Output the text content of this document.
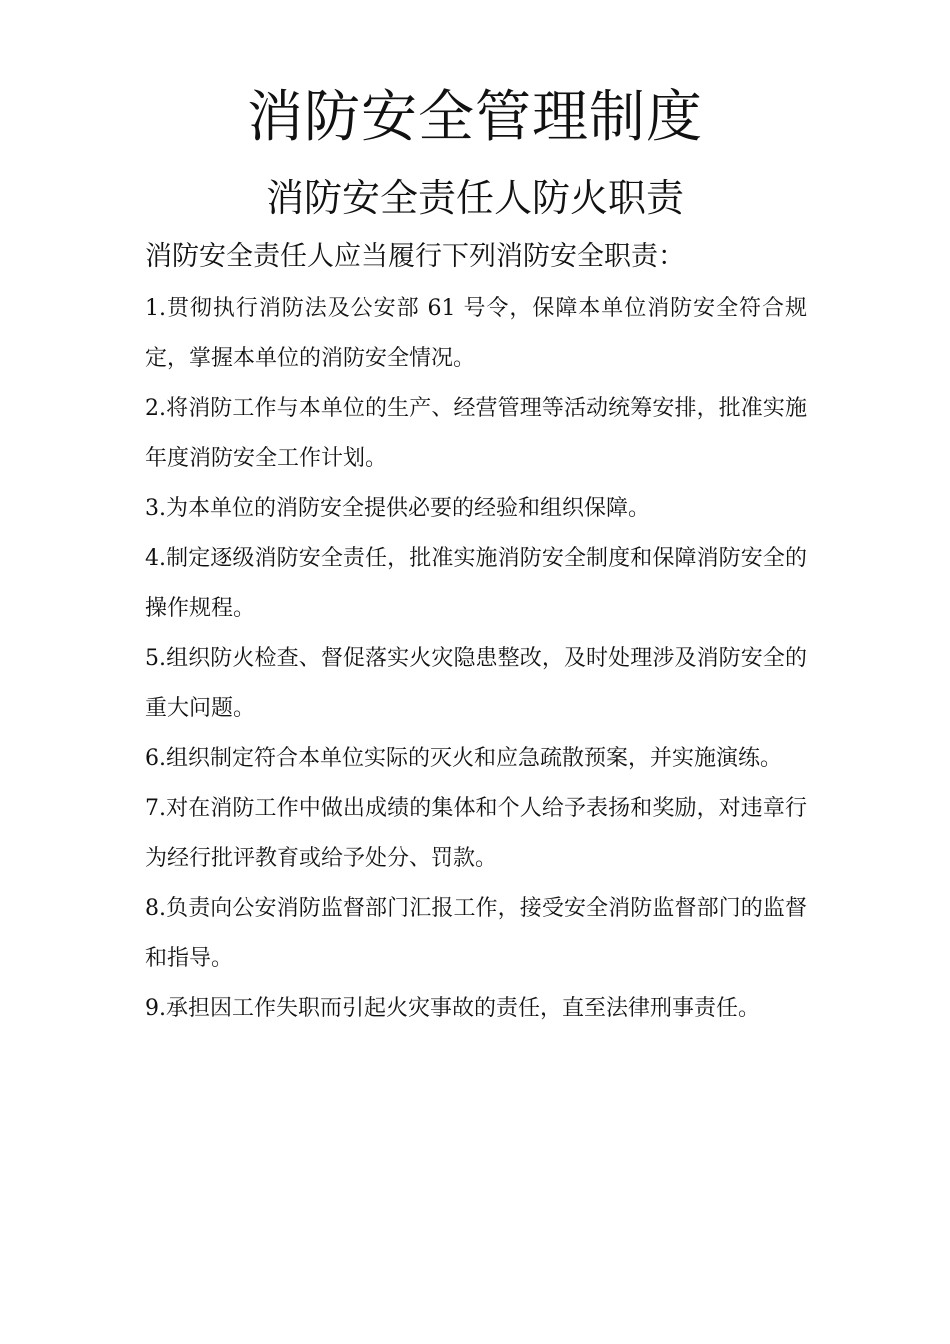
消防安全管理制度
消防安全责任人防火职责

消防安全责任人应当履行下列消防安全职责：

1.贯彻执行消防法及公安部 61 号令，保障本单位消防安全符合规定，掌握本单位的消防安全情况。
2.将消防工作与本单位的生产、经营管理等活动统筹安排，批准实施年度消防安全工作计划。
3.为本单位的消防安全提供必要的经验和组织保障。
4.制定逐级消防安全责任，批准实施消防安全制度和保障消防安全的操作规程。
5.组织防火检查、督促落实火灾隐患整改，及时处理涉及消防安全的重大问题。
6.组织制定符合本单位实际的灭火和应急疏散预案，并实施演练。
7.对在消防工作中做出成绩的集体和个人给予表扬和奖励，对违章行为经行批评教育或给予处分、罚款。
8.负责向公安消防监督部门汇报工作，接受安全消防监督部门的监督和指导。
9.承担因工作失职而引起火灾事故的责任，直至法律刑事责任。
